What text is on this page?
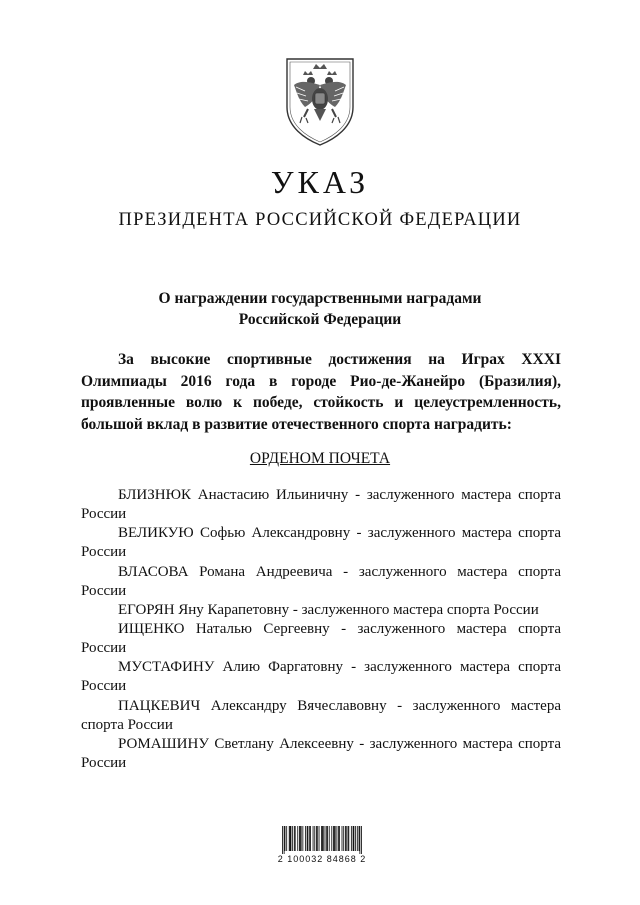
УКАЗ
ПРЕЗИДЕНТА РОССИЙСКОЙ ФЕДЕРАЦИИ
О награждении государственными наградами
Российской Федерации
За высокие спортивные достижения на Играх XXXI Олимпиады 2016 года в городе Рио-де-Жанейро (Бразилия), проявленные волю к победе, стойкость и целеустремленность, большой вклад в развитие отечественного спорта наградить:
ОРДЕНОМ ПОЧЕТА
БЛИЗНЮК Анастасию Ильиничну - заслуженного мастера спорта России
ВЕЛИКУЮ Софью Александровну - заслуженного мастера спорта России
ВЛАСОВА Романа Андреевича - заслуженного мастера спорта России
ЕГОРЯН Яну Карапетовну - заслуженного мастера спорта России
ИЩЕНКО Наталью Сергеевну - заслуженного мастера спорта России
МУСТАФИНУ Алию Фаргатовну - заслуженного мастера спорта России
ПАЦКЕВИЧ Александру Вячеславовну - заслуженного мастера спорта России
РОМАШИНУ Светлану Алексеевну - заслуженного мастера спорта России
2 100032 84868 2
